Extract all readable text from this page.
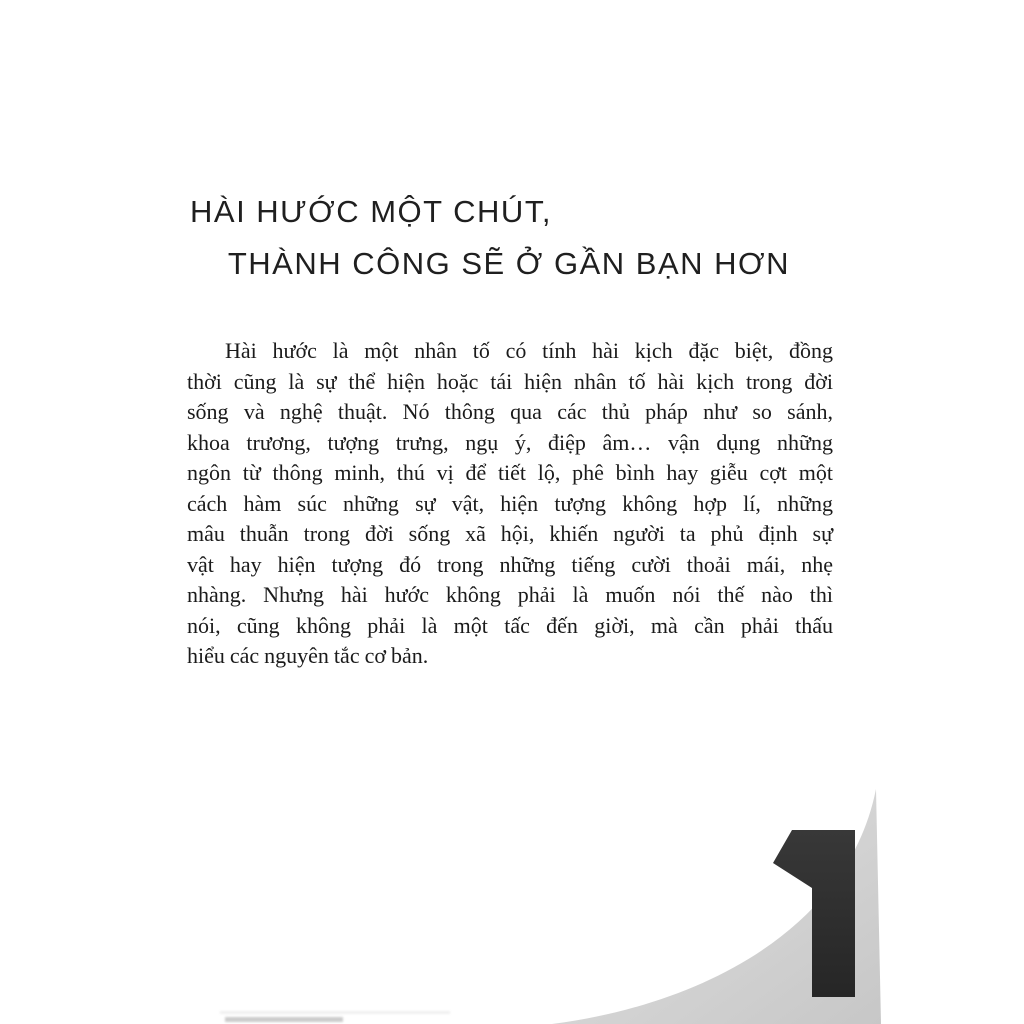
HÀI HƯỚC MỘT CHÚT,
THÀNH CÔNG SẼ Ở GẦN BẠN HƠN
Hài hước là một nhân tố có tính hài kịch đặc biệt, đồng
thời cũng là sự thể hiện hoặc tái hiện nhân tố hài kịch trong đời
sống và nghệ thuật. Nó thông qua các thủ pháp như so sánh,
khoa trương, tượng trưng, ngụ ý, điệp âm… vận dụng những
ngôn từ thông minh, thú vị để tiết lộ, phê bình hay giễu cợt một
cách hàm súc những sự vật, hiện tượng không hợp lí, những
mâu thuẫn trong đời sống xã hội, khiến người ta phủ định sự
vật hay hiện tượng đó trong những tiếng cười thoải mái, nhẹ
nhàng. Nhưng hài hước không phải là muốn nói thế nào thì
nói, cũng không phải là một tấc đến giời, mà cần phải thấu
hiểu các nguyên tắc cơ bản.
